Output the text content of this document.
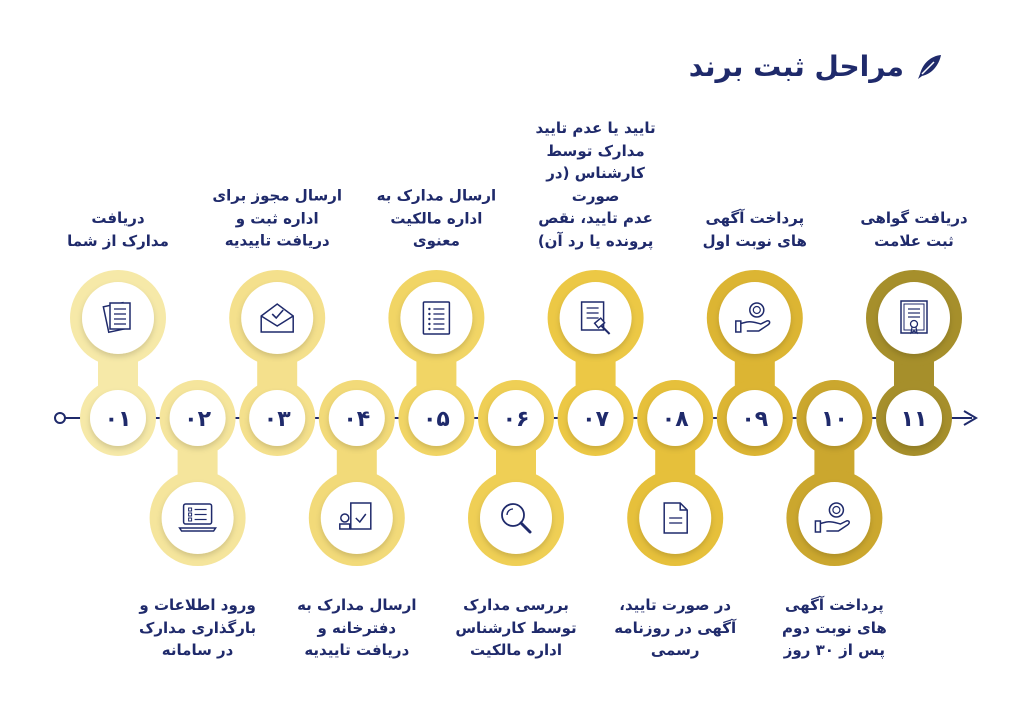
مراحل ثبت برند
۰۱ ۰۲ ۰۳ ۰۴ ۰۵ ۰۶ ۰۷ ۰۸ ۰۹ ۱۰ ۱۱
دریافت
مدارک از شما
ورود اطلاعات و
بارگذاری مدارک
در سامانه
ارسال مجوز برای
اداره ثبت و
دریافت تاییدیه
ارسال مدارک به
دفترخانه و
دریافت تاییدیه
ارسال مدارک به
اداره مالکیت
معنوی
بررسی مدارک
توسط کارشناس
اداره مالکیت
تایید یا عدم تایید
مدارک توسط
کارشناس (در صورت
عدم تایید، نقص
پرونده یا رد آن)
در صورت تایید،
آگهی در روزنامه
رسمی
پرداخت آگهی
های نوبت اول
پرداخت آگهی
های نوبت دوم
پس از ۳۰ روز
دریافت گواهی
ثبت علامت
